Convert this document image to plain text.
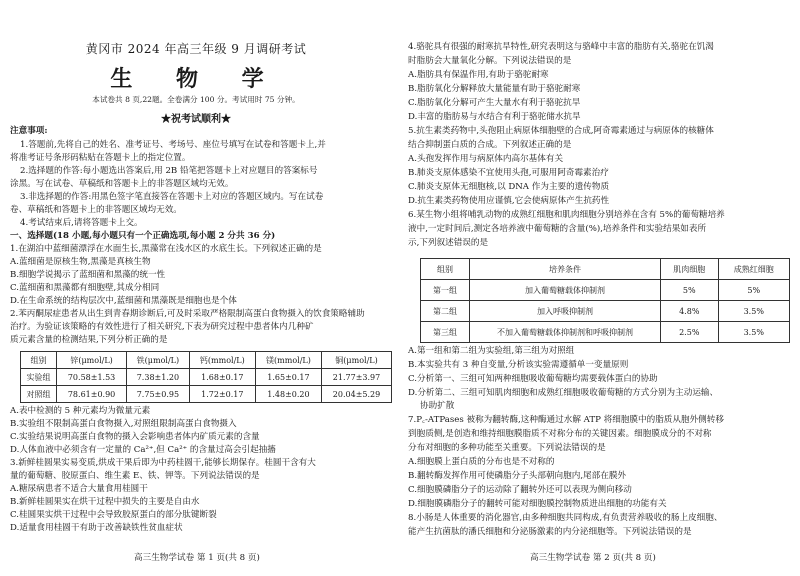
黄冈市 2024 年高三年级 9 月调研考试
生 物 学
本试卷共 8 页,22题。全卷满分 100 分。考试用时 75 分钟。
★祝考试顺利★
注意事项:
1.答题前,先将自己的姓名、准考证号、考场号、座位号填写在试卷和答题卡上,并
将准考证号条形码粘贴在答题卡上的指定位置。
2.选择题的作答:每小题选出答案后,用 2B 铅笔把答题卡上对应题目的答案标号
涂黑。写在试卷、草稿纸和答题卡上的非答题区域均无效。
3.非选择题的作答:用黑色签字笔直接答在答题卡上对应的答题区域内。写在试卷
卷、草稿纸和答题卡上的非答题区域均无效。
4.考试结束后,请将答题卡上交。
一、选择题(18 小题,每小题只有一个正确选项,每小题 2 分共 36 分)
1.在湖泊中蓝细菌漂浮在水面生长,黑藻常在浅水区的水底生长。下列叙述正确的是
A.蓝细菌是原核生物,黑藻是真核生物
B.细胞学说揭示了蓝细菌和黑藻的统一性
C.蓝细菌和黑藻都有细胞壁,其成分相同
D.在生命系统的结构层次中,蓝细菌和黑藻既是细胞也是个体
2.苯丙酮尿症患者从出生到青春期诊断后,可及时采取严格限制高蛋白食物摄入的饮食策略辅助
治疗。为验证该策略的有效性进行了相关研究,下表为研究过程中患者体内几种矿
质元素含量的检测结果,下列分析正确的是
组别	锌(μmol/L)	铁(μmol/L)	钙(mmol/L)	镁(mmol/L)	铜(μmol/L)
实验组	70.58±1.53	7.38±1.20	1.68±0.17	1.65±0.17	21.77±3.97
对照组	78.61±0.90	7.75±0.95	1.72±0.17	1.48±0.20	20.04±5.29
A.表中检测的 5 种元素均为微量元素
B.实验组不限制高蛋白食物摄入,对照组限制高蛋白食物摄入
C.实验结果说明高蛋白食物的摄入会影响患者体内矿质元素的含量
D.人体血液中必须含有一定量的 Ca²⁺,但 Ca²⁺ 的含量过高会引起抽搐
3.新鲜桂圆果实易变质,烘成干果后即为中药桂圆干,能够长期保存。桂圆干含有大
量的葡萄糖、胶原蛋白、维生素 E、铁、钾等。下列说法错误的是
A.糖尿病患者不适合大量食用桂圆干
B.新鲜桂圆果实在烘干过程中损失的主要是自由水
C.桂圆果实烘干过程中会导致胶原蛋白的部分肽键断裂
D.适量食用桂圆干有助于改善缺铁性贫血症状
高三生物学试卷 第 1 页(共 8 页)
4.骆驼具有很强的耐寒抗旱特性,研究表明这与骆峰中丰富的脂肪有关,骆驼在饥渴
时脂肪会大量氧化分解。下列说法错误的是
A.脂肪具有保温作用,有助于骆驼耐寒
B.脂肪氧化分解释放大量能量有助于骆驼耐寒
C.脂肪氧化分解可产生大量水有利于骆驼抗旱
D.丰富的脂肪易与水结合有利于骆驼储水抗旱
5.抗生素类药物中,头孢阻止病原体细胞壁的合成,阿奇霉素通过与病原体的核糖体
结合抑制蛋白质的合成。下列叙述正确的是
A.头孢发挥作用与病原体内高尔基体有关
B.肺炎支原体感染不宜使用头孢,可服用阿奇霉素治疗
C.肺炎支原体无细胞核,以 DNA 作为主要的遗传物质
D.抗生素类药物使用应谨慎,它会使病原体产生抗药性
6.某生物小组将哺乳动物的成熟红细胞和肌肉细胞分别培养在含有 5%的葡萄糖培养
液中,一定时间后,测定各培养液中葡萄糖的含量(%),培养条件和实验结果如表所
示,下列叙述错误的是
组别	培养条件	肌肉细胞	成熟红细胞
第一组	加入葡萄糖载体抑制剂	5%	5%
第二组	加入呼吸抑制剂	4.8%	3.5%
第三组	不加入葡萄糖载体抑制剂和呼吸抑制剂	2.5%	3.5%
A.第一组和第二组为实验组,第三组为对照组
B.本实验共有 3 种自变量,分析该实验需遵循单一变量原则
C.分析第一、三组可知两种细胞吸收葡萄糖均需要载体蛋白的协助
D.分析第二、三组可知肌肉细胞和成熟红细胞吸收葡萄糖的方式分别为主动运输、
协助扩散
7.P꜀-ATPases 被称为翻转酶,这种酶通过水解 ATP 将细胞膜中的脂质从胞外侧转移
到胞质侧,是创造和维持细胞膜脂质不对称分布的关键因素。细胞膜成分的不对称
分布对细胞的多种功能至关重要。下列说法错误的是
A.细胞膜上蛋白质的分布也是不对称的
B.翻转酶发挥作用可使磷脂分子头部朝向胞内,尾部在膜外
C.细胞膜磷脂分子的运动除了翻转外还可以表现为侧向移动
D.细胞膜磷脂分子的翻转可能对细胞膜控制物质进出细胞的功能有关
8.小肠是人体重要的消化器官,由多种细胞共同构成,有负责营养吸收的肠上皮细胞、
能产生抗菌肽的潘氏细胞和分泌肠激素的内分泌细胞等。下列说法错误的是
高三生物学试卷 第 2 页(共 8 页)
